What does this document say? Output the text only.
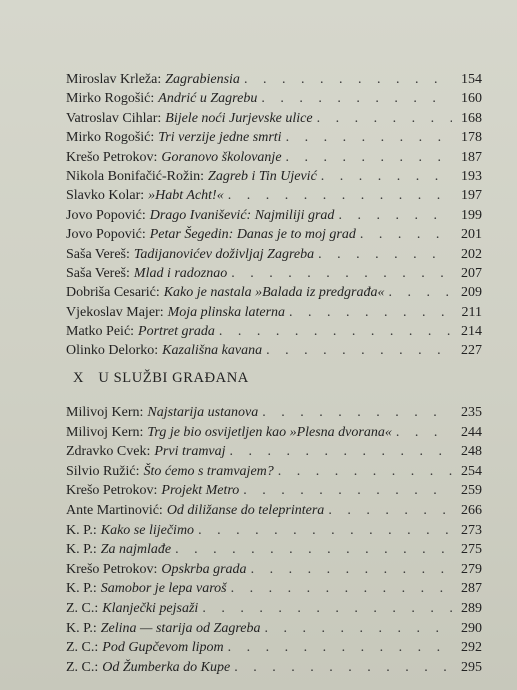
Miroslav Krleža : Zagrabiensia . . .	154
Mirko Rogošić : Andrić u Zagrebu . . .	160
Vatroslav Cihlar : Bijele noći Jurjevske ulice . . .	168
Mirko Rogošić : Tri verzije jedne smrti . . .	178
Krešo Petrokov : Goranovo školovanje . . .	187
Nikola Bonifačić-Rožin : Zagreb i Tin Ujević . . .	193
Slavko Kolar : »Habt Acht!« . . .	197
Jovo Popović : Drago Ivanišević: Najmiliji grad . . .	199
Jovo Popović : Petar Šegedin: Danas je to moj grad . . .	201
Saša Vereš : Tadijanovićev doživljaj Zagreba . . .	202
Saša Vereš : Mlad i radoznao . . .	207
Dobriša Cesarić : Kako je nastala »Balada iz predgrađa« . . .	209
Vjekoslav Majer : Moja plinska laterna . . .	211
Matko Peić : Portret grada . . .	214
Olinko Delorko : Kazališna kavana . . .	227
X U SLUŽBI GRAĐANA
Milivoj Kern : Najstarija ustanova . . .	235
Milivoj Kern : Trg je bio osvijetljen kao »Plesna dvorana« . . .	244
Zdravko Cvek : Prvi tramvaj . . .	248
Silvio Ružić : Što ćemo s tramvajem? . . .	254
Krešo Petrokov : Projekt Metro . . .	259
Ante Martinović : Od diližanse do teleprintera . . .	266
K. P. : Kako se liječimo . . .	273
K. P. : Za najmlađe . . .	275
Krešo Petrokov : Opskrba grada . . .	279
K. P. : Samobor je lepa varoš . . .	287
Z. C. : Klanječki pejsaži . . .	289
K. P. : Zelina — starija od Zagreba . . .	290
Z. C. : Pod Gupčevom lipom . . .	292
Z. C. : Od Žumberka do Kupe . . .	295
